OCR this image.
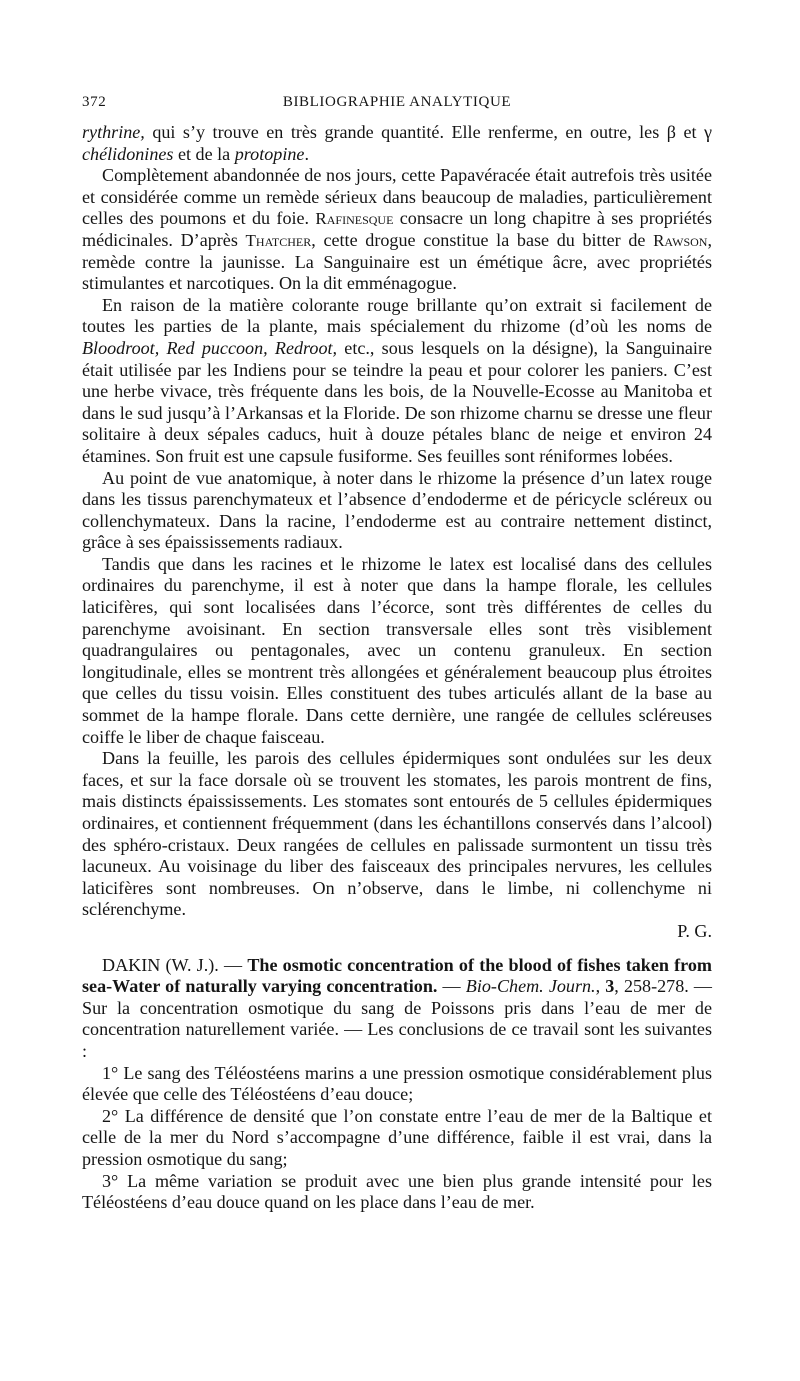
372	BIBLIOGRAPHIE ANALYTIQUE

rythrine, qui s’y trouve en très grande quantité. Elle renferme, en outre, les β et γ chélidonines et de la protopine.

Complètement abandonnée de nos jours, cette Papavéracée était autrefois très usitée et considérée comme un remède sérieux dans beaucoup de maladies, particulièrement celles des poumons et du foie. Rafinesque consacre un long chapitre à ses propriétés médicinales. D’après Thatcher, cette drogue constitue la base du bitter de Rawson, remède contre la jaunisse. La Sanguinaire est un émétique âcre, avec propriétés stimulantes et narcotiques. On la dit emménagogue.

En raison de la matière colorante rouge brillante qu’on extrait si facilement de toutes les parties de la plante, mais spécialement du rhizome (d’où les noms de Bloodroot, Red puccoon, Redroot, etc., sous lesquels on la désigne), la Sanguinaire était utilisée par les Indiens pour se teindre la peau et pour colorer les paniers. C’est une herbe vivace, très fréquente dans les bois, de la Nouvelle-Ecosse au Manitoba et dans le sud jusqu’à l’Arkansas et la Floride. De son rhizome charnu se dresse une fleur solitaire à deux sépales caducs, huit à douze pétales blanc de neige et environ 24 étamines. Son fruit est une capsule fusiforme. Ses feuilles sont réniformes lobées.

Au point de vue anatomique, à noter dans le rhizome la présence d’un latex rouge dans les tissus parenchymateux et l’absence d’endoderme et de péricycle scléreux ou collenchymateux. Dans la racine, l’endoderme est au contraire nettement distinct, grâce à ses épaississements radiaux.

Tandis que dans les racines et le rhizome le latex est localisé dans des cellules ordinaires du parenchyme, il est à noter que dans la hampe florale, les cellules laticifères, qui sont localisées dans l’écorce, sont très différentes de celles du parenchyme avoisinant. En section transversale elles sont très visiblement quadrangulaires ou pentagonales, avec un contenu granuleux. En section longitudinale, elles se montrent très allongées et généralement beaucoup plus étroites que celles du tissu voisin. Elles constituent des tubes articulés allant de la base au sommet de la hampe florale. Dans cette dernière, une rangée de cellules scléreuses coiffe le liber de chaque faisceau.

Dans la feuille, les parois des cellules épidermiques sont ondulées sur les deux faces, et sur la face dorsale où se trouvent les stomates, les parois montrent de fins, mais distincts épaississements. Les stomates sont entourés de 5 cellules épidermiques ordinaires, et contiennent fréquemment (dans les échantillons conservés dans l’alcool) des sphéro-cristaux. Deux rangées de cellules en palissade surmontent un tissu très lacuneux. Au voisinage du liber des faisceaux des principales nervures, les cellules laticifères sont nombreuses. On n’observe, dans le limbe, ni collenchyme ni sclérenchyme.

P. G.

DAKIN (W. J.). — The osmotic concentration of the blood of fishes taken from sea-Water of naturally varying concentration. — Bio-Chem. Journ., 3, 258-278. — Sur la concentration osmotique du sang de Poissons pris dans l’eau de mer de concentration naturellement variée. — Les conclusions de ce travail sont les suivantes :

1° Le sang des Téléostéens marins a une pression osmotique considérablement plus élevée que celle des Téléostéens d’eau douce;

2° La différence de densité que l’on constate entre l’eau de mer de la Baltique et celle de la mer du Nord s’accompagne d’une différence, faible il est vrai, dans la pression osmotique du sang;

3° La même variation se produit avec une bien plus grande intensité pour les Téléostéens d’eau douce quand on les place dans l’eau de mer.
